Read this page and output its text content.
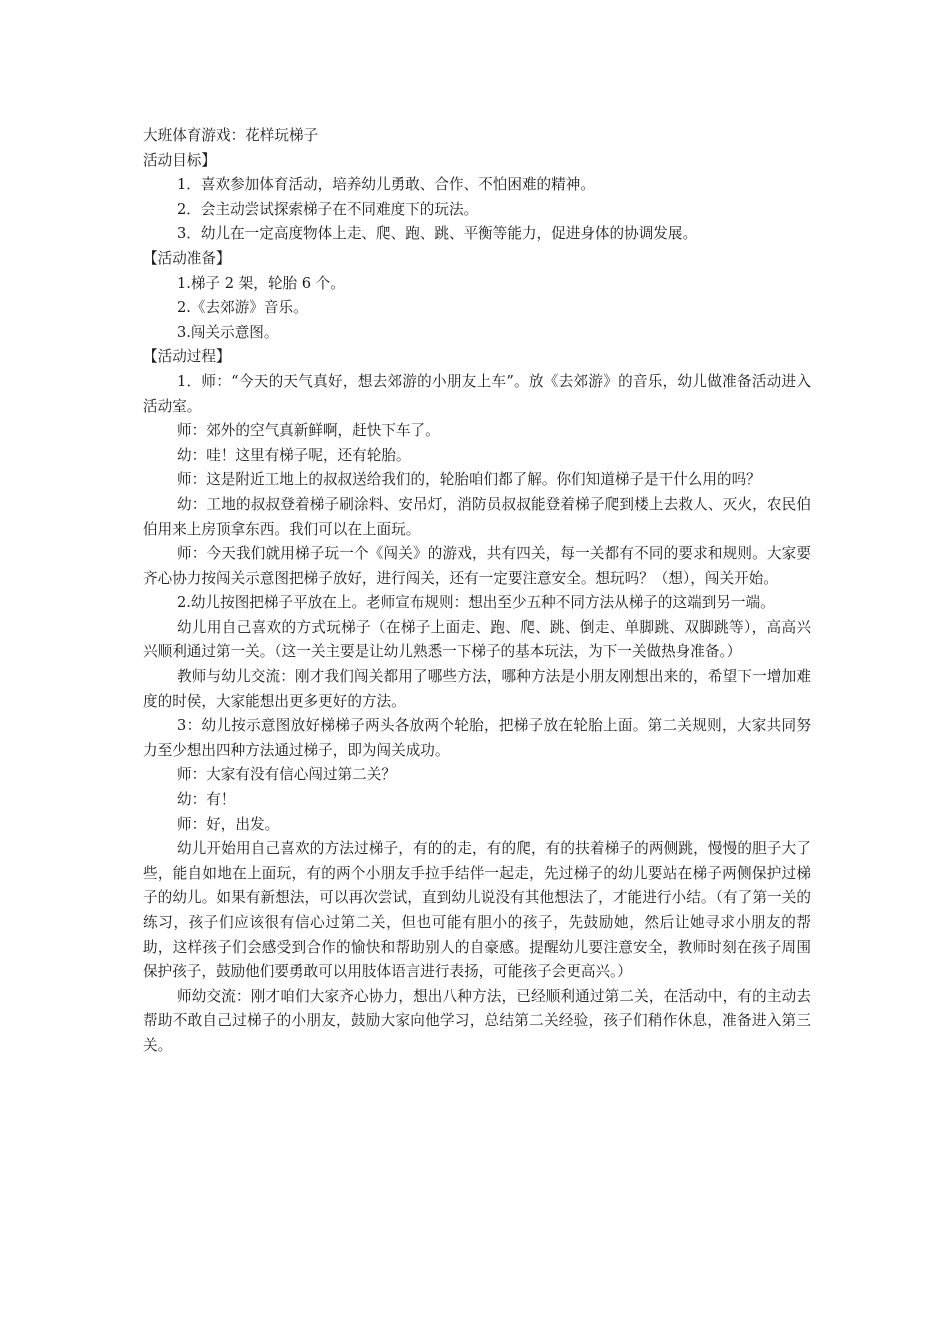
大班体育游戏：花样玩梯子

活动目标】

1．喜欢参加体育活动，培养幼儿勇敢、合作、不怕困难的精神。

2．会主动尝试探索梯子在不同难度下的玩法。

3．幼儿在一定高度物体上走、爬、跑、跳、平衡等能力，促进身体的协调发展。

【活动准备】

1.梯子 2 架，轮胎 6 个。

2.《去郊游》音乐。

3.闯关示意图。

【活动过程】

1．师：“今天的天气真好，想去郊游的小朋友上车”。放《去郊游》的音乐，幼儿做准备活动进入活动室。

师：郊外的空气真新鲜啊，赶快下车了。

幼：哇！这里有梯子呢，还有轮胎。

师：这是附近工地上的叔叔送给我们的，轮胎咱们都了解。你们知道梯子是干什么用的吗？

幼：工地的叔叔登着梯子刷涂料、安吊灯，消防员叔叔能登着梯子爬到楼上去救人、灭火，农民伯伯用来上房顶拿东西。我们可以在上面玩。

师：今天我们就用梯子玩一个《闯关》的游戏，共有四关，每一关都有不同的要求和规则。大家要齐心协力按闯关示意图把梯子放好，进行闯关，还有一定要注意安全。想玩吗？（想），闯关开始。

2.幼儿按图把梯子平放在上。老师宣布规则：想出至少五种不同方法从梯子的这端到另一端。

幼儿用自己喜欢的方式玩梯子（在梯子上面走、跑、爬、跳、倒走、单脚跳、双脚跳等），高高兴兴顺利通过第一关。（这一关主要是让幼儿熟悉一下梯子的基本玩法，为下一关做热身准备。）

教师与幼儿交流：刚才我们闯关都用了哪些方法，哪种方法是小朋友刚想出来的，希望下一增加难度的时侯，大家能想出更多更好的方法。

3：幼儿按示意图放好梯梯子两头各放两个轮胎，把梯子放在轮胎上面。第二关规则，大家共同努力至少想出四种方法通过梯子，即为闯关成功。

师：大家有没有信心闯过第二关？

幼：有！

师：好，出发。

幼儿开始用自己喜欢的方法过梯子，有的的走，有的爬，有的扶着梯子的两侧跳，慢慢的胆子大了些，能自如地在上面玩，有的两个小朋友手拉手结伴一起走，先过梯子的幼儿要站在梯子两侧保护过梯子的幼儿。如果有新想法，可以再次尝试，直到幼儿说没有其他想法了，才能进行小结。（有了第一关的练习，孩子们应该很有信心过第二关，但也可能有胆小的孩子，先鼓励她，然后让她寻求小朋友的帮助，这样孩子们会感受到合作的愉快和帮助别人的自豪感。提醒幼儿要注意安全，教师时刻在孩子周围保护孩子，鼓励他们要勇敢可以用肢体语言进行表扬，可能孩子会更高兴。）

师幼交流：刚才咱们大家齐心协力，想出八种方法，已经顺利通过第二关，在活动中，有的主动去帮助不敢自己过梯子的小朋友，鼓励大家向他学习，总结第二关经验，孩子们稍作休息，准备进入第三关。
